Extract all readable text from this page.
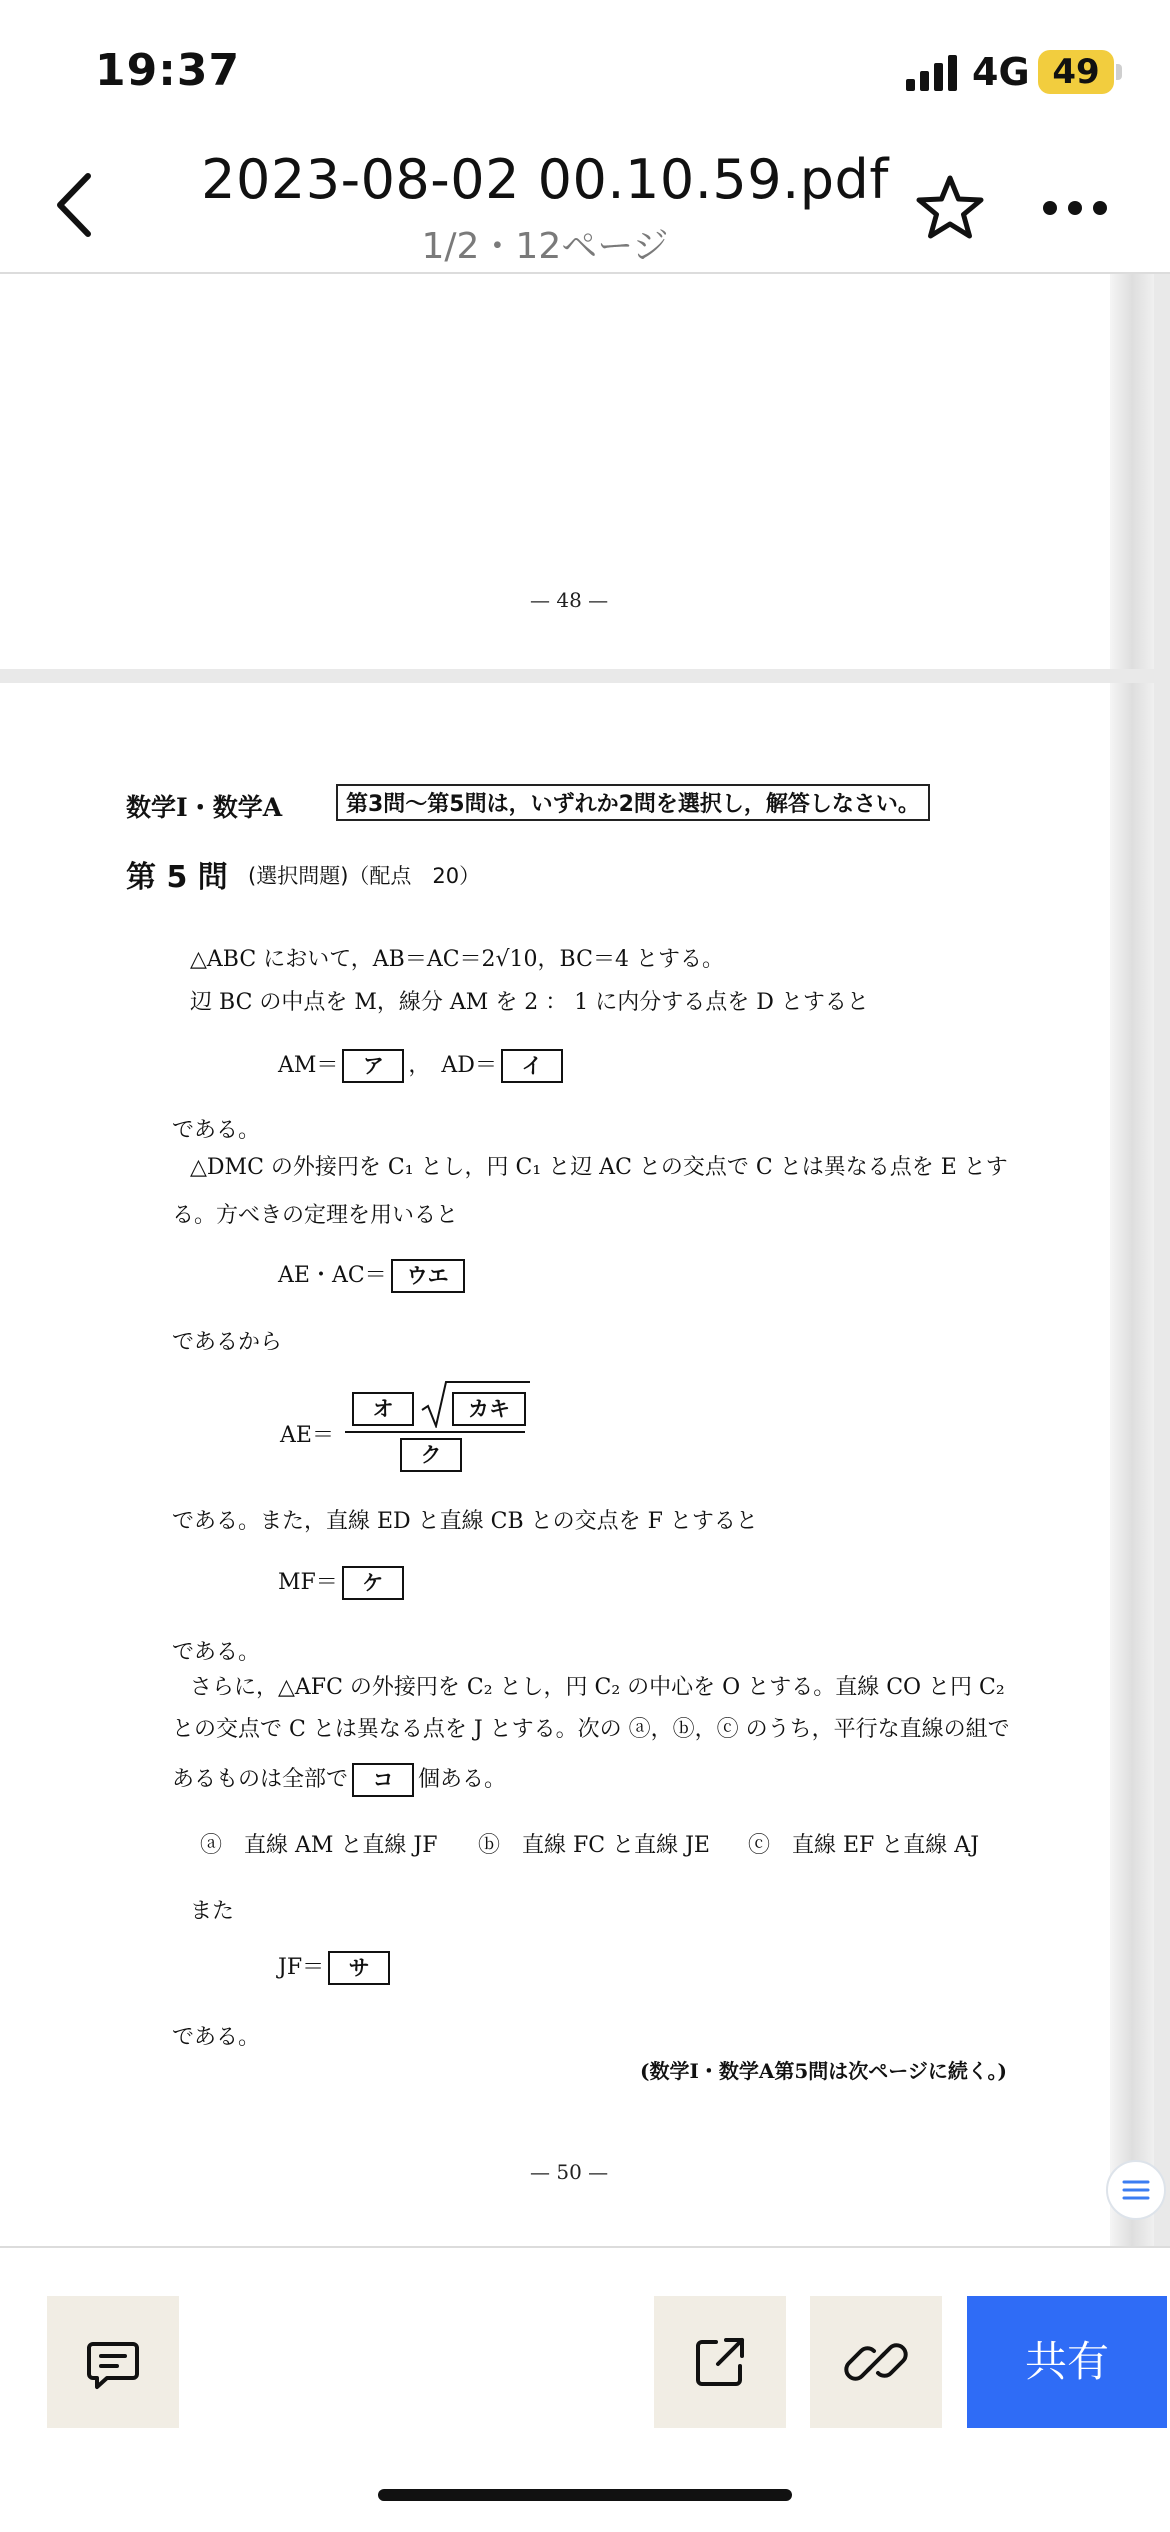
19:37	4G 49
2023-08-02 00.10.59.pdf
1/2・12ページ
— 48 —
数学Ⅰ・数学A	第3問〜第5問は，いずれか2問を選択し，解答しなさい。
第 5 問 (選択問題)（配点　20）
△ABC において，AB＝AC＝2√10，BC＝4 とする。
辺 BC の中点を M，線分 AM を 2 ： 1 に内分する点を D とすると
AM＝ ア ，　AD＝ イ
である。
△DMC の外接円を C₁ とし，円 C₁ と辺 AC との交点で C とは異なる点を E とす
る。方べきの定理を用いると
AE・AC＝ ウエ
であるから
AE＝
オ	カキ
ク
である。また，直線 ED と直線 CB との交点を F とすると
MF＝ ケ
である。
さらに，△AFC の外接円を C₂ とし，円 C₂ の中心を O とする。直線 CO と円 C₂
との交点で C とは異なる点を J とする。次の ⓐ，ⓑ，ⓒ のうち，平行な直線の組で
あるものは全部で コ 個ある。
ⓐ　直線 AM と直線 JF ⓑ　直線 FC と直線 JE ⓒ　直線 EF と直線 AJ
また
JF＝ サ
である。
(数学Ⅰ・数学A第5問は次ページに続く。)
— 50 —
共有
